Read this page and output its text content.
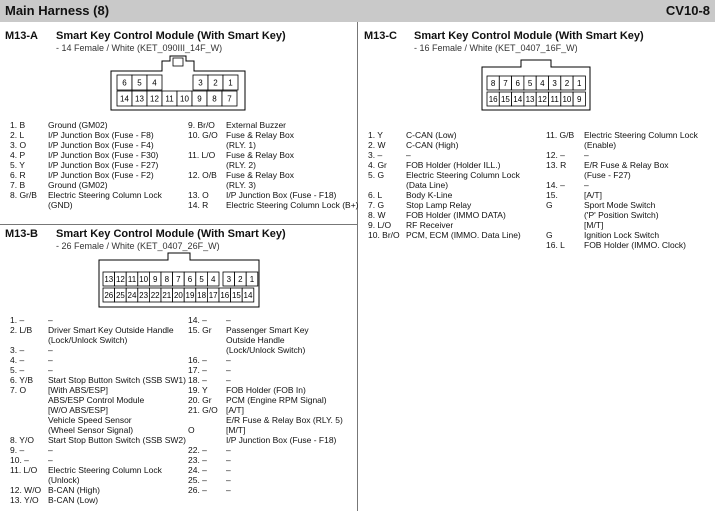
Main Harness (8)	CV10-8
M13-A Smart Key Control Module (With Smart Key)
- 14 Female / White (KET_090III_14F_W)
6 5 4	3 2 1
14 13 12 11 10 9 8 7
1. B	Ground (GM02)
2. L	I/P Junction Box (Fuse - F8)
3. O	I/P Junction Box (Fuse - F4)
4. P	I/P Junction Box (Fuse - F30)
5. Y	I/P Junction Box (Fuse - F27)
6. R	I/P Junction Box (Fuse - F2)
7. B	Ground (GM02)
8. Gr/B	Electric Steering Column Lock
(GND)
9. Br/O	External Buzzer
10. G/O Fuse & Relay Box
(RLY. 1)
11. L/O	Fuse & Relay Box
(RLY. 2)
12. O/B	Fuse & Relay Box
(RLY. 3)
13. O	I/P Junction Box (Fuse - F18)
14. R	Electric Steering Column Lock (B+)
M13-B Smart Key Control Module (With Smart Key)
- 26 Female / White (KET_0407_26F_W)
13 12 11 10 9 8 7 6 5 4 3 2 1
26 25 24 23 22 21 20 19 18 17 16 15 14
1. –	–
2. L/B	Driver Smart Key Outside Handle
(Lock/Unlock Switch)
3. –	–
4. –	–
5. –	–
6. Y/B	Start Stop Button Switch (SSB SW1)
7. O	[With ABS/ESP]
ABS/ESP Control Module
[W/O ABS/ESP]
Vehicle Speed Sensor
(Wheel Sensor Signal)
8. Y/O	Start Stop Button Switch (SSB SW2)
9. –	–
10. –	–
11. L/O	Electric Steering Column Lock
(Unlock)
12. W/O B-CAN (High)
13. Y/O	B-CAN (Low)
14. –	–
15. Gr	Passenger Smart Key
Outside Handle
(Lock/Unlock Switch)
16. –	–
17. –	–
18. –	–
19. Y	FOB Holder (FOB In)
20. Gr	PCM (Engine RPM Signal)
21. G/O [A/T]
E/R Fuse & Relay Box (RLY. 5)
O	[M/T]
I/P Junction Box (Fuse - F18)
22. –	–
23. –	–
24. –	–
25. –	–
26. –	–
M13-C Smart Key Control Module (With Smart Key)
- 16 Female / White (KET_0407_16F_W)
8 7 6 5 4 3 2 1
16 15 14 13 12 11 10 9
1. Y	C-CAN (Low)
2. W	C-CAN (High)
3. –	–
4. Gr	FOB Holder (Holder ILL.)
5. G	Electric Steering Column Lock
(Data Line)
6. L	Body K-Line
7. G	Stop Lamp Relay
8. W	FOB Holder (IMMO DATA)
9. L/O	RF Receiver
10. Br/O PCM, ECM (IMMO. Data Line)
11. G/B	Electric Steering Column Lock
(Enable)
12. –	–
13. R	E/R Fuse & Relay Box
(Fuse - F27)
14. –	–
15.	[A/T]
G	Sport Mode Switch
('P' Position Switch)
[M/T]
G	Ignition Lock Switch
16. L	FOB Holder (IMMO. Clock)
